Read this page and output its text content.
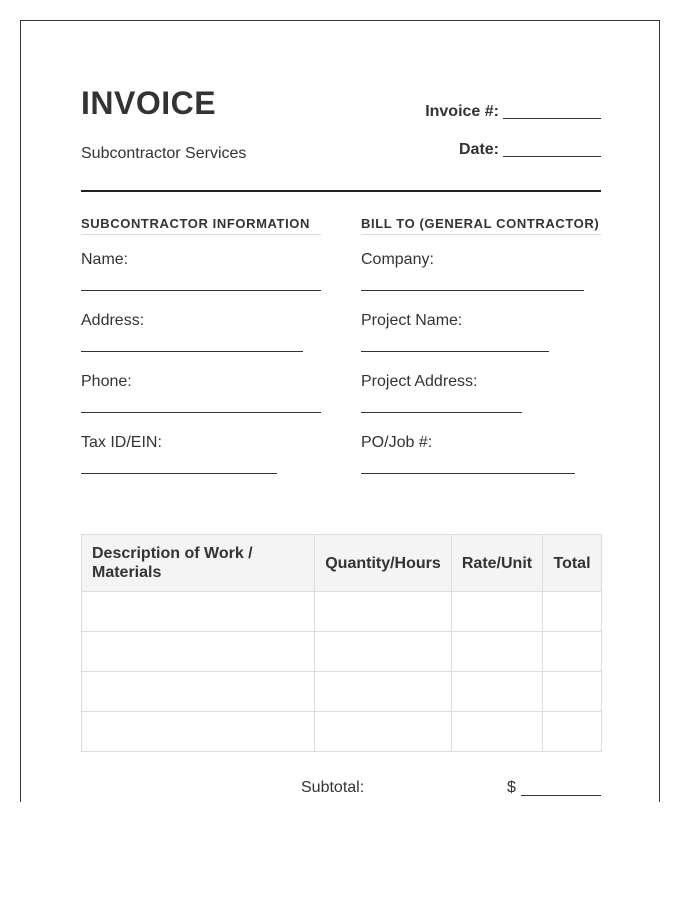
INVOICE
Subcontractor Services
Invoice #:
Date:
SUBCONTRACTOR INFORMATION
Name:
Address:
Phone:
Tax ID/EIN:
BILL TO (GENERAL CONTRACTOR)
Company:
Project Name:
Project Address:
PO/Job #:
Description of Work / Materials	Quantity/Hours	Rate/Unit	Total

Subtotal:	$
